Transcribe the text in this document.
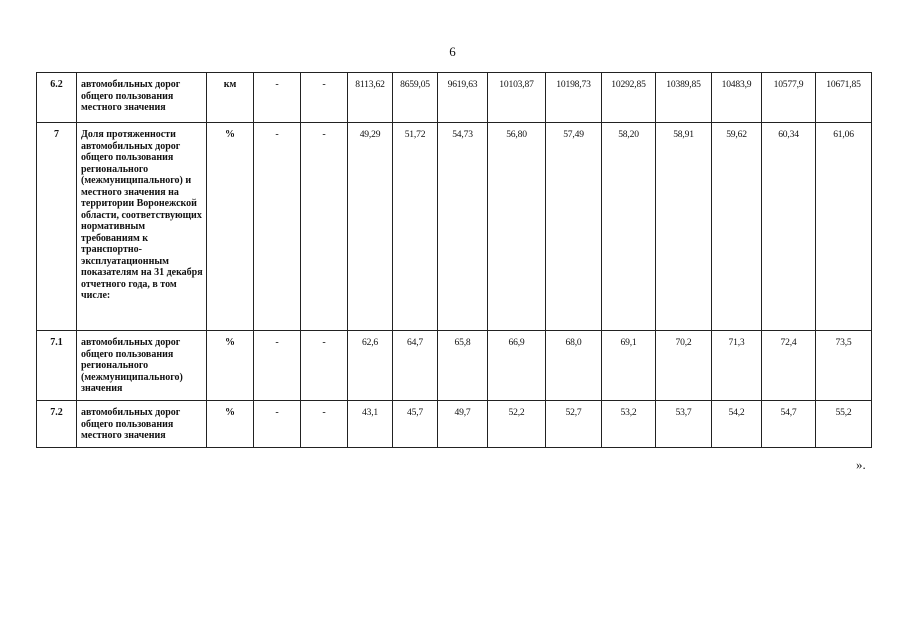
6
6.2	автомобильных дорог общего пользования местного значения	км	-	-	8113,62	8659,05	9619,63	10103,87	10198,73	10292,85	10389,85	10483,9	10577,9	10671,85
7	Доля протяженности автомобильных дорог общего пользования регионального (межмуниципального) и местного значения на территории Воронежской области, соответствующих нормативным требованиям к транспортно-эксплуатационным показателям на 31 декабря отчетного года, в том числе:	%	-	-	49,29	51,72	54,73	56,80	57,49	58,20	58,91	59,62	60,34	61,06
7.1	автомобильных дорог общего пользования регионального (межмуниципального) значения	%	-	-	62,6	64,7	65,8	66,9	68,0	69,1	70,2	71,3	72,4	73,5
7.2	автомобильных дорог общего пользования местного значения	%	-	-	43,1	45,7	49,7	52,2	52,7	53,2	53,7	54,2	54,7	55,2
».
